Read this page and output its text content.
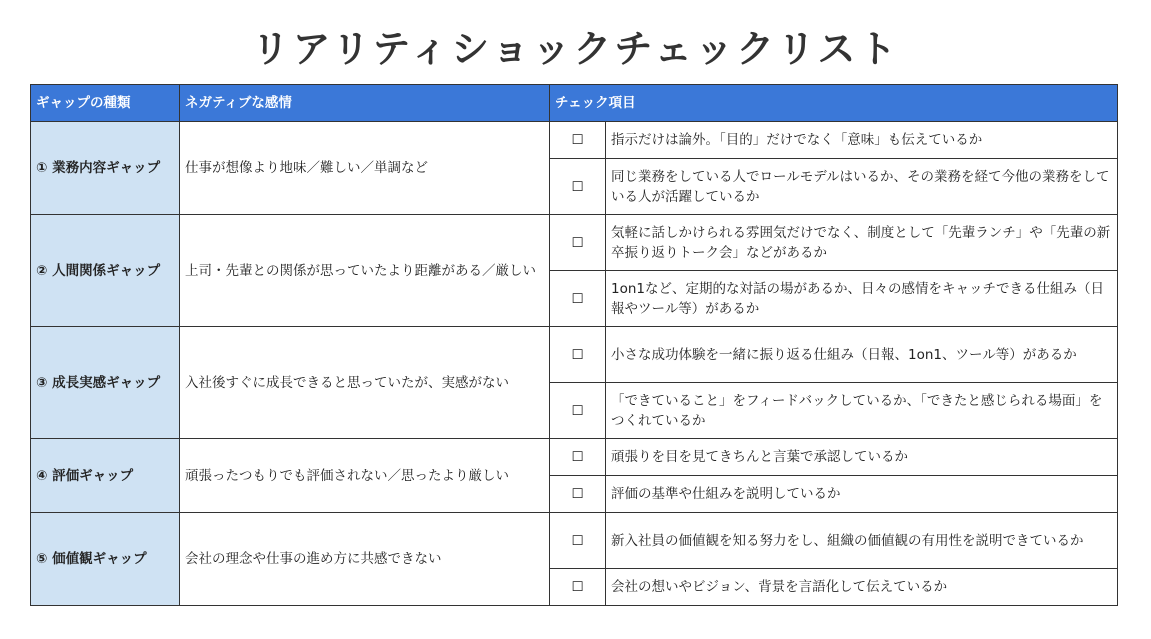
リアリティショックチェックリスト
ギャップの種類	ネガティブな感情	チェック項目	
① 業務内容ギャップ	仕事が想像より地味／難しい／単調など	☐	指示だけは論外。「目的」だけでなく「意味」も伝えているか
		☐	同じ業務をしている人でロールモデルはいるか、その業務を経て今他の業務をしている人が活躍しているか
② 人間関係ギャップ	上司・先輩との関係が思っていたより距離がある／厳しい	☐	気軽に話しかけられる雰囲気だけでなく、制度として「先輩ランチ」や「先輩の新卒振り返りトーク会」などがあるか
		☐	1on1など、定期的な対話の場があるか、日々の感情をキャッチできる仕組み（日報やツール等）があるか
③ 成長実感ギャップ	入社後すぐに成長できると思っていたが、実感がない	☐	小さな成功体験を一緒に振り返る仕組み（日報、1on1、ツール等）があるか
		☐	「できていること」をフィードバックしているか、「できたと感じられる場面」をつくれているか
④ 評価ギャップ	頑張ったつもりでも評価されない／思ったより厳しい	☐	頑張りを目を見てきちんと言葉で承認しているか
		☐	評価の基準や仕組みを説明しているか
⑤ 価値観ギャップ	会社の理念や仕事の進め方に共感できない	☐	新入社員の価値観を知る努力をし、組織の価値観の有用性を説明できているか
		☐	会社の想いやビジョン、背景を言語化して伝えているか
